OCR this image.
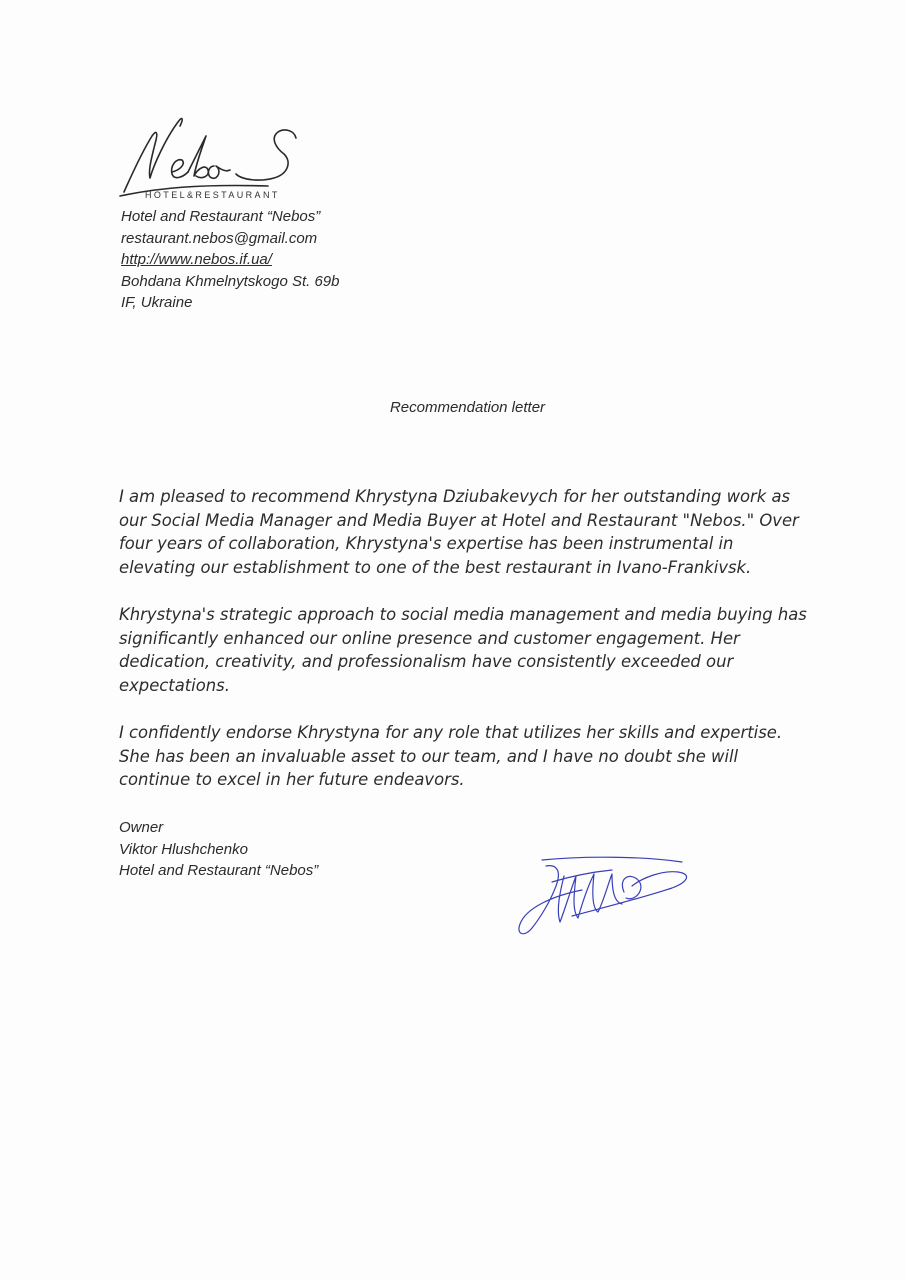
HOTEL&RESTAURANT
Hotel and Restaurant “Nebos”
restaurant.nebos@gmail.com
http://www.nebos.if.ua/
Bohdana Khmelnytskogo St. 69b
IF, Ukraine
Recommendation letter

I am pleased to recommend Khrystyna Dziubakevych for her outstanding work as our Social Media Manager and Media Buyer at Hotel and Restaurant "Nebos." Over four years of collaboration, Khrystyna's expertise has been instrumental in elevating our establishment to one of the best restaurant in Ivano-Frankivsk.

Khrystyna's strategic approach to social media management and media buying has significantly enhanced our online presence and customer engagement. Her dedication, creativity, and professionalism have consistently exceeded our expectations.

I confidently endorse Khrystyna for any role that utilizes her skills and expertise. She has been an invaluable asset to our team, and I have no doubt she will continue to excel in her future endeavors.

Owner
Viktor Hlushchenko
Hotel and Restaurant “Nebos”
